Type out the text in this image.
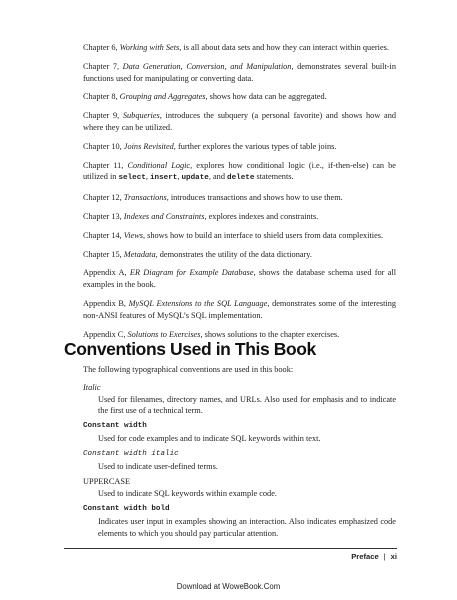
Chapter 6, Working with Sets, is all about data sets and how they can interact within queries.

Chapter 7, Data Generation, Conversion, and Manipulation, demonstrates several built-in functions used for manipulating or converting data.

Chapter 8, Grouping and Aggregates, shows how data can be aggregated.

Chapter 9, Subqueries, introduces the subquery (a personal favorite) and shows how and where they can be utilized.

Chapter 10, Joins Revisited, further explores the various types of table joins.

Chapter 11, Conditional Logic, explores how conditional logic (i.e., if-then-else) can be utilized in select, insert, update, and delete statements.

Chapter 12, Transactions, introduces transactions and shows how to use them.

Chapter 13, Indexes and Constraints, explores indexes and constraints.

Chapter 14, Views, shows how to build an interface to shield users from data complexities.

Chapter 15, Metadata, demonstrates the utility of the data dictionary.

Appendix A, ER Diagram for Example Database, shows the database schema used for all examples in the book.

Appendix B, MySQL Extensions to the SQL Language, demonstrates some of the interesting non-ANSI features of MySQL’s SQL implementation.

Appendix C, Solutions to Exercises, shows solutions to the chapter exercises.

Conventions Used in This Book

The following typographical conventions are used in this book:

Italic

Used for filenames, directory names, and URLs. Also used for emphasis and to indicate the first use of a technical term.

Constant width

Used for code examples and to indicate SQL keywords within text.

Constant width italic

Used to indicate user-defined terms.

UPPERCASE

Used to indicate SQL keywords within example code.

Constant width bold

Indicates user input in examples showing an interaction. Also indicates emphasized code elements to which you should pay particular attention.

Preface | xi
Download at WoweBook.Com
